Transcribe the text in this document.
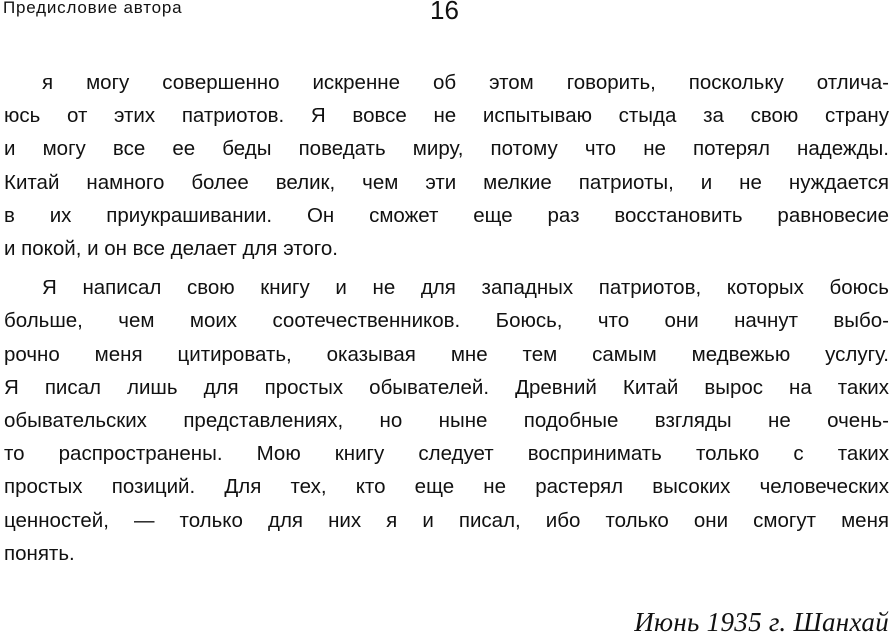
Предисловие автора	16

я могу совершенно искренне об этом говорить, поскольку отлича-
юсь от этих патриотов. Я вовсе не испытываю стыда за свою страну
и могу все ее беды поведать миру, потому что не потерял надежды.
Китай намного более велик, чем эти мелкие патриоты, и не нуждается
в их приукрашивании. Он сможет еще раз восстановить равновесие
и покой, и он все делает для этого.

Я написал свою книгу и не для западных патриотов, которых боюсь
больше, чем моих соотечественников. Боюсь, что они начнут выбо-
рочно меня цитировать, оказывая мне тем самым медвежью услугу.
Я писал лишь для простых обывателей. Древний Китай вырос на таких
обывательских представлениях, но ныне подобные взгляды не очень-
то распространены. Мою книгу следует воспринимать только с таких
простых позиций. Для тех, кто еще не растерял высоких человеческих
ценностей, — только для них я и писал, ибо только они смогут меня
понять.

Июнь 1935 г. Шанхай
